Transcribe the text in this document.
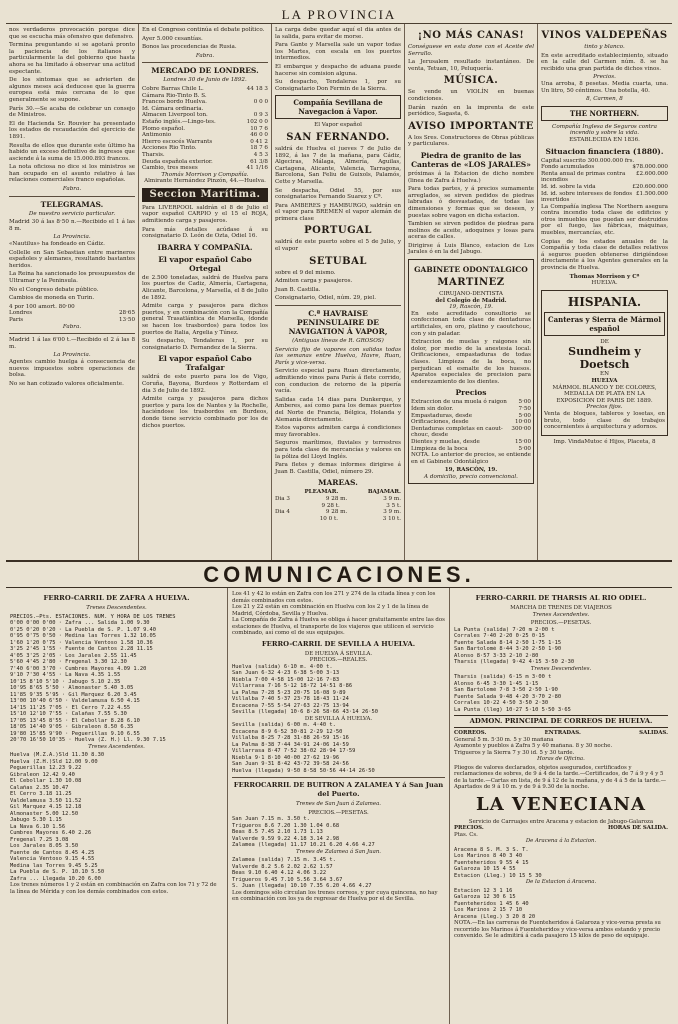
LA PROVINCIA

nos verdaderos provocación porque dice que se escucha más ofensivo que defensivo.

Termina preguntando si se agotará pronto la paciencia de los italianos y particularmente la del gobierno que hasta ahora se ha limitado á observar una actitud espectante.

De los sintomas que se advierten de algunos meses acá deducese que la guerra europea está más cercana de lo que generalmente se supone.

París 30.—Se acaba de celebrar un consejo de Ministros.

El de Hacienda Sr. Rouvier ha presentado los estados de recaudación del ejercicio de 1891.

Resulta de ellos que durante este último ha habido un exceso definitivo de ingresos que asciende á la suma de 15.000.893 francos.

La nota oficiosa no dice si los ministros se han ocupado en el asunto relativo á las relaciones comerciales franco españolas.

Fabra.
TELEGRAMAS.
De nuestro servicio particular.

Madrid 30 á las 8·50 n.—Recibido el 1 á las 8 m.

La Provincia.

«Nautilus» ha fondeado en Cádiz.

Collelle en San Sebastian entre marineros españoles y alemanes, resultando bastantes heridos.

La Reina ha sancionado los presupuestos de Ultramar y la Peninsula.

No el Congreso debate público.

Cambios de moneda en Turin.

4 por 100 amort. 80·00
Londres	28·65
Paris	13·50
Fabra.

Madrid 1 á las 6'00 t.—Recibido el 2 á las 8 m.

La Provincia.

Agentes cambio huelga á consecuencia de nuevos impuestos sobre operaciones de bolsa.

No se han cotizado valores oficialmente.

En el Congreso continúa el debate político.

Ayer 5.000 cesantías.

Bonos las procedencias de Rusia.

Fabra.
MERCADO DE LONDRES.
Londres 30 de Junio de 1892.
Cobre Barras Chile L.	44 18 3
Cámara Rio-Tinto B. S.
Francos bordo Huelva.	0 0 0
Id. Cámara ordinaria.
Almacen Liverpool ton.	0 9 3
Estaño inglés.—Lingo-tes.	102 0 0
Plomo español.	10 7 6
Antimonio	46 0 0
Hierro escocés Warrants	0 41 2
Acciones Rio Tinto.	18 7 6
Tharsis.	4 5 3
Deuda española exterior.	61 3/8
Cambio, tres meses	41 1/16
Thomás Morrison y Compañía.
Almirante Hernández Pinzón, 44.—Huelva.
Seccion Marítima.

Para LIVERPOOL saldrán el 8 de Julio el vapor español CARPIO y el 15 el ROJA, admitiendo carga y pasajeros.

Para más detalles acúdase á su consignatario D. León de Ozta, Odiel 16.

IBARRA Y COMPAÑIA.
El vapor español Cabo Ortegal

de 2.500 toneladas, saldrá de Huelva para los puertos de Cadiz, Almería, Cartagena, Alicante, Barcelona, y Marsella, el 8 de Julio de 1892.

Admite carga y pasajeros para dichos puertos, y en combinación con la Compañía general Trasatlántica de Marsella, (donde se hacen los trasbordos) para todos los puertos de Italia, Argelia y Túnez.

Su despacho, Tendaleras 1, por su consignatario D. Fernandez de la Sierra.

El vapor español Cabo Trafalgar

saldrá de este puerto para los de Vigo, Coruña, Bayona, Burdeos y Rotterdam el dia 3 de Julio de 1892.

Admite carga y pasajeros para dichos puertos y para los de Nantes y la Rochelle, haciéndose los trasbordos en Burdeos, donde tiene servicio combinado por los de dichos puertos.

La carga debe quedar aquí el dia antes de la salida, para evitar de morse.

Para Gante y Marsella sale un vapor todas los Martes, con escala en los puertos intermedios.

El embarque y despacho de aduana puede hacerse sin comision alguna.

Su despacho, Tendaleras 1, por su Consignatario Don Fermin de la Sierra.

Compañía Sevillana de Navegacion á Vapor.
El Vapor español
SAN FERNANDO.

saldrá de Huelva el jueves 7 de Julio de 1892, á las 7 de la mañana, para Cádiz, Algeciras, Málaga, Almería, Aguilas, Cartagena, Alicante, Valencia, Tarragona, Barcelona, San Feliu de Guixols, Palamós, Cette y Marsella.

Se despacha, Odiel 55, por sus consignatarios Fernando Suarez y Cª.

Para AMBERES y HAMBURGO, saldrán en el vapor para BREMEN el vapor alemán de primera clase

PORTUGAL

saldrá de este puerto sobre el 5 de Julio, y el vapor

SETUBAL

sobre el 9 del mismo.

Admiten carga y pasajeros.

Juan B. Castilla.

Consignatario, Odiel, núm. 29, piel.

C.ª HAVRAISE PENINSULAIRE DE NAVIGATION Á VAPOR,
(Antiguas líneas de R. GROSOS)

Servicio fijo de vapores con salidas todas las semanas entre Huelva, Havre, Ruan, París y vice-versa.

Servicio especial para Ruan directamente, admitiendo vinos para París á flete corrido, con conducion de retorno de la pipería vacía.

Salidas cada 14 dias para Dunkerque, y Amberes, así como para los demas puertos del Norte de Francia, Bélgica, Holanda y Alemania directamente.

Estos vapores admiten carga á condiciones muy favorables.

Seguros marítimos, fluviales y terrestres para toda clase de mercancías y valores en la póliza del Lloyd Inglés.

Para fletes y demas informes dirigirse á Juan B. Castilla, Odiel, número 29.

MAREAS.
PLEAMAR.	BAJAMAR.
Dia 3	9 28 m.	3 9 m.
9 28 t.	3 5 t.
Dia 4	9 28 m.	3 9 m.
10 0 t.	3 10 t.
¡NO MÁS CANAS!

Conséguese en esta done con el Aceite del Serrallo.

La Jerusalem resultado instantáneo. De venta, Tetuan, 10, Peluquería.

MÚSICA.

Se vende un VIOLÍN en buenas condiciones.

Darán razón en la imprenta de este periódico, Sagasta, 6.

AVISO IMPORTANTE

A los Sres. Constructores de Obras públicas y particulares.

Piedra de granito de las Canteras de «LOS JARALES»

próximas á la Estacion de dicho nombre (linea de Zafra á Huelva.)

Para todas partes, y á precios sumamente arreglados, se sirven pedidos de piedras labradas ó desvastadas, de todas las dimensiones y formas que se deseen, y puestas sobre vagon en dicha estacion.

Tambien se sirven pedidos de piedras para molinos de aceite, adoquines y losas para aceras de calles.

Dirigirse á Luis Blanco, estacion de Los Jarales ó en la del Jabugo.

GABINETE ODONTALGICO
MARTINEZ
CIRUJANO-DENTISTA
del Colegio de Madrid.
19, Rascón, 19.

En este acreditado consultorio se confeccionan toda clase de dentaduras artificiales, en oro, platino y caoutchouc, con y sin paladar.

Extraccion de muelas y raigones sin dolor, por medio de la anestesia local. Orificaciones, empastaduras de todas clases. Limpieza de la boca, no perjudican el esmalte de los huesos. Aparatos especiales de precision para enderezamiento de los dientes.

Precios
Extraccion de una muela ó raigon 5·00
Ídem sin dolor.	7·50
Empastaduras, desde	5·00
Orificaciones, desde	10·00
Dentaduras completas en caout-chouc, desde
300·00
Dientes y muelas, desde	15·00
Limpieza de la boca	5·00

NOTA. Lo anterior de precios, se entiende en el Gabinete Odontálgico

19, RASCÓN, 19.
A domicilio, precio convencional.
VINOS VALDEPEÑAS
tinto y blanco.

En este acreditado establecimiento, situado en la calle del Carmen núm. 8. se ha recibido una gran partida de dichos vinos.

Precios.

Una arroba, 8 pesetas. Media cuarta, una. Un litro, 50 céntimos. Una botella, 40.

8, Carmen, 8
THE NORTHERN.
Compañía Inglesa de Seguros contra incendio y sobre la vida.
ESTABLECIDA EN 1836.
Situacion financiera (1880).
Capital suscrito 300.000.000 frs.
Fondo acumulados	$78.000.000
Renta anual de primas contra incendios
£2.600.000
Id. id. sobre la vida	£20.600.000
Id. id. sobre intereses de fondos invertidos
£1.500.000

La Compañía inglesa The Northern asegura contra incendio toda clase de edificios y otros inmuebles que puedan ser destruidos por el fuego, las fábricas, máquinas, muebles, mercancías, etc.

Copias de los estados anuales de la Compañía y toda clase de detalles relativos á seguros pueden obtenerse dirigiéndose directamente á los Agentes generales en la provincia de Huelva.

Thomas Morrison y Cª
HUELVA.
HISPANIA.
Canteras y Sierra de Mármol español
DE
Sundheim y Doetsch
EN
HUELVA
MÁRMOL BLANCO Y DE COLORES, MEDALLA DE PLATA EN LA EXPOSICION DE PARIS DE 1889.
Precios fijos.

Venta de bloques, tableros y losetas, en bruto, todo clase de trabajos concernientes á arquitectura y adornos.

Imp. VindaMutoc é Hijos, Placeta, 8
COMUNICACIONES.
FERRO-CARRIL DE ZAFRA A HUELVA.
Trenes Descendentes.
PRECIOS.—Pts. ESTACIONES. NUM. Y HORA DE LOS TRENES
0'00 0'00 0'00 · Zafra ... Salida 1.00 9.30
0'25 0'20 0'20 · La Puebla de S. P. 1.07 9.40
0'95 0'75 0'50 · Medina las Torres 1.32 10.05
1'60 1'20 0'75 · Valencia Ventoso 1.58 10.36
3'25 2'45 1'55 · Fuente de Cantos 2.28 11.15
4'05 3'25 2'05 · Los Jarales 2.55 11.45
5'60 4'45 2'80 · Fregenal 3.30 12.30
7'40 6'00 3'70 · Cumbres Mayores 4.09 1.20
9'10 7'30 4'55 · La Nava 4.35 1.55
10'15 8'10 5'10 · Jabugo 5.10 2.35
10'95 8'65 5'50 · Almonaster 5.40 3.05
11'85 9'35 5'95 · Gil Marquez 6.20 3.45
13'00 10'40 6'50 · Valdelamusa 6.50 4.15
14'15 11'25 7'05 · El Cerro 7.22 4.55
15'10 12'10 7'55 · Calañas 7.55 5.30
17'05 13'45 8'55 · El Cebollar 8.28 6.10
18'05 14'40 9'05 · Gibraleon 8.50 6.35
19'80 15'85 9'90 · Peguerillas 9.10 6.55
20'70 16'50 10'35 · Huelva (Z. H.) Ll. 9.30 7.15
Trenes Ascendentes.
Huelva (M.Z.A.)Sld 11.30 8.30
Huelva (Z.H.)Sld 12.00 9.00
Peguerillas 12.23 9.22
Gibraleon 12.42 9.40
El Cebollar 1.30 10.08
Calañas 2.35 10.47
El Cerro 3.18 11.25
Valdelamusa 3.50 11.52
Gil Marquez 4.15 12.18
Almonaster 5.00 12.50
Jabugo 5.30 1.15
La Nava 6.10 1.56
Cumbres Mayores 6.40 2.26
Fregenal 7.25 3.08
Los Jarales 8.05 3.50
Fuente de Cantos 8.45 4.25
Valencia Ventoso 9.15 4.55
Medina las Torres 9.45 5.25
La Puebla de S. P. 10.10 5.50
Zafra ... Llegada 10.20 6.00

Los trenes números 1 y 2 están en combinación en Zafra con los 71 y 72 de la línea de Mérida y con los demás combinados con estos.

Los 41 y 42 lo están en Zafra con los 271 y 274 de la citada línea y con los demás combinados con estos.

Los 21 y 22 están en combinación en Huelva con los 2 y 1 de la línea de Madrid, Córdoba, Sevilla y Huelva.

La Compañía de Zafra á Huelva se obliga á hacer gratuitamente entre las dos estaciones de Huelva, el transporte de los viajeros que utilicen el servicio combinado, así como el de sus equipajes.

FERRO-CARRIL DE SEVILLA A HUELVA.
DE HUELVA Á SEVILLA.
PRECIOS.—REALES.
Huelva (salida) 6·10 m. 4·00 t.
San Juan 6·32 4·23 6·38 5·00 3·13
Niebla 7·00 4·58 15·00 12·16 7·83
Villarrasa 7·16 5·12 18·72 14·51 8·86
La Palma 7·28 5·23 20·75 16·08 9·89
Villalba 7·40 5·37 23·78 18·43 11·24
Escacena 7·55 5·54 27·63 22·75 13·94
Sevilla (llegada) 10·6 8·26 58·66 43·14 26·50
DE SEVILLA Á HUELVA.
Sevilla (salida) 6·00 m. 4·40 t.
Escacena 8·9 6·52 30·81 2·29 12·50
Villalba 8·25 7·28 31·88 26·59 15·16
La Palma 8·38 7·44 34·91 24·06 14·59
Villarrasa 8·47 7·52 38·02 28·94 17·59
Niebla 9·1 8·10 40·00 27·62 19·96
San Juan 9·31 8·42 43·72 39·58 24·56
Huelva (llegada) 9·50 8·58 50·56 44·14 26·50
FERROCARRIL DE BUITRON A ZALAMEA Y á San Juan del Puerto.
Trenes de San Juan á Zalamea.
PRECIOS.—PESETAS.
San Juan 7.15 m. 3.50 t.
Trigueros 8.6 7.20 1.30 1.04 0.68
Beas 8.5 7.45 2.10 1.73 1.13
Valverde 9.59 9.22 4.18 3.14 2.98
Zalamea (llegada) 11.17 10.21 6.20 4.66 4.27
Trenes de Zalamea á San Juan.
Zalamea (salida) 7.15 m. 3.45 t.
Valverde 8.2 5.6 2.02 2.62 1.57
Beas 9.10 6.40 4.12 4.06 3.22
Trigueros 9.45 7.10 5.56 3.64 3.67
S. Juan (llegada) 10.10 7.35 6.20 4.66 4.27

Los domingos sólo circulan los trenes correos, y por cuya quincena, no hay en combinación con los ya de regresar de Huelva por el de Sevilla.

FERRO-CARRIL DE THARSIS AL RIO ODIEL.
MARCHA DE TRENES DE VIAJEROS
Trenes Ascendentes.
PRECIOS.—PESETAS.
La Punta (salida) 7·20 m 2·00 t
Corrales 7·40 2·20 0·25 0·15
Fuente Salada 8·14 2·50 1·75 1·15
San Bartolomé 8·44 3·20 2·50 1·90
Alonso 8·57 3·33 2·10 2·80
Tharsis (llegada) 9·42 4·15 3·50 2·30
Trenes Descendentes.
Tharsis (salida) 6·15 m 3·00 t
Alonso 6·45 3·30 1·45 1·15
San Bartolomé 7·8 3·50 2·50 1·90
Fuente Salada 9·48 4·20 3·70 2·80
Corrales 10·22 4·50 3·50 2·30
La Punta (lleg) 10·27 5·10 5·50 3·65
ADMON. PRINCIPAL DE CORREOS DE HUELVA.
CORREOS.	ENTRADAS.	SALIDAS.
General 5 m. 5·30 m. 5 y 30 mañana
Ayamonte y pueblos á Zafra 5 y 40 mañana. 8 y 30 noche.
Trigueros y la Sierra 7 y 30 id. 5 y 30 tarde.
Horas de Oficina.

Pliegos de valores declarados, objetos asegurados, certificados y reclamaciones de sobres, de 9 á 4 de la tarde.—Certificados, de 7 á 9 y 4 y 5 de la tarde.—Cartas en lista, de 9 á 12 de la mañana, y de 4 á 5 de la tarde.—Apartados de 9 á 10 m. y de 9 á 9.30 de la noche.

LA VENECIANA
Servicio de Carruajes entre Aracena y estacion de Jabugo-Galaroza
PRECIOS.	HORAS DE SALIDA.
Ptas. Cs.
De Aracena á la Estacion.
Aracena 8 S. M. 3 S. T.
Los Marinos 8 40 3 40
Fuenteheridos 9 55 4 15
Galaroza 10 15 4 55
Estacion (Lleg.) 10 15 5 30
De la Estacion á Aracena.
Estacion 12 3 1 16
Galaroza 12 30 6 15
Fuenteheridos 1 45 6 40
Los Marinos 2 15 7 10
Aracena (Lleg.) 3 20 8 20

NOTA.—En las carreras de Fuenteheridos á Galaroza y vice-versa presta su recorrido los Marinos á Fuenteheridos y vice-versa ambos estando y precio convenido. Se le admitirá á cada pasajero 15 kilos de peso de equipaje.
